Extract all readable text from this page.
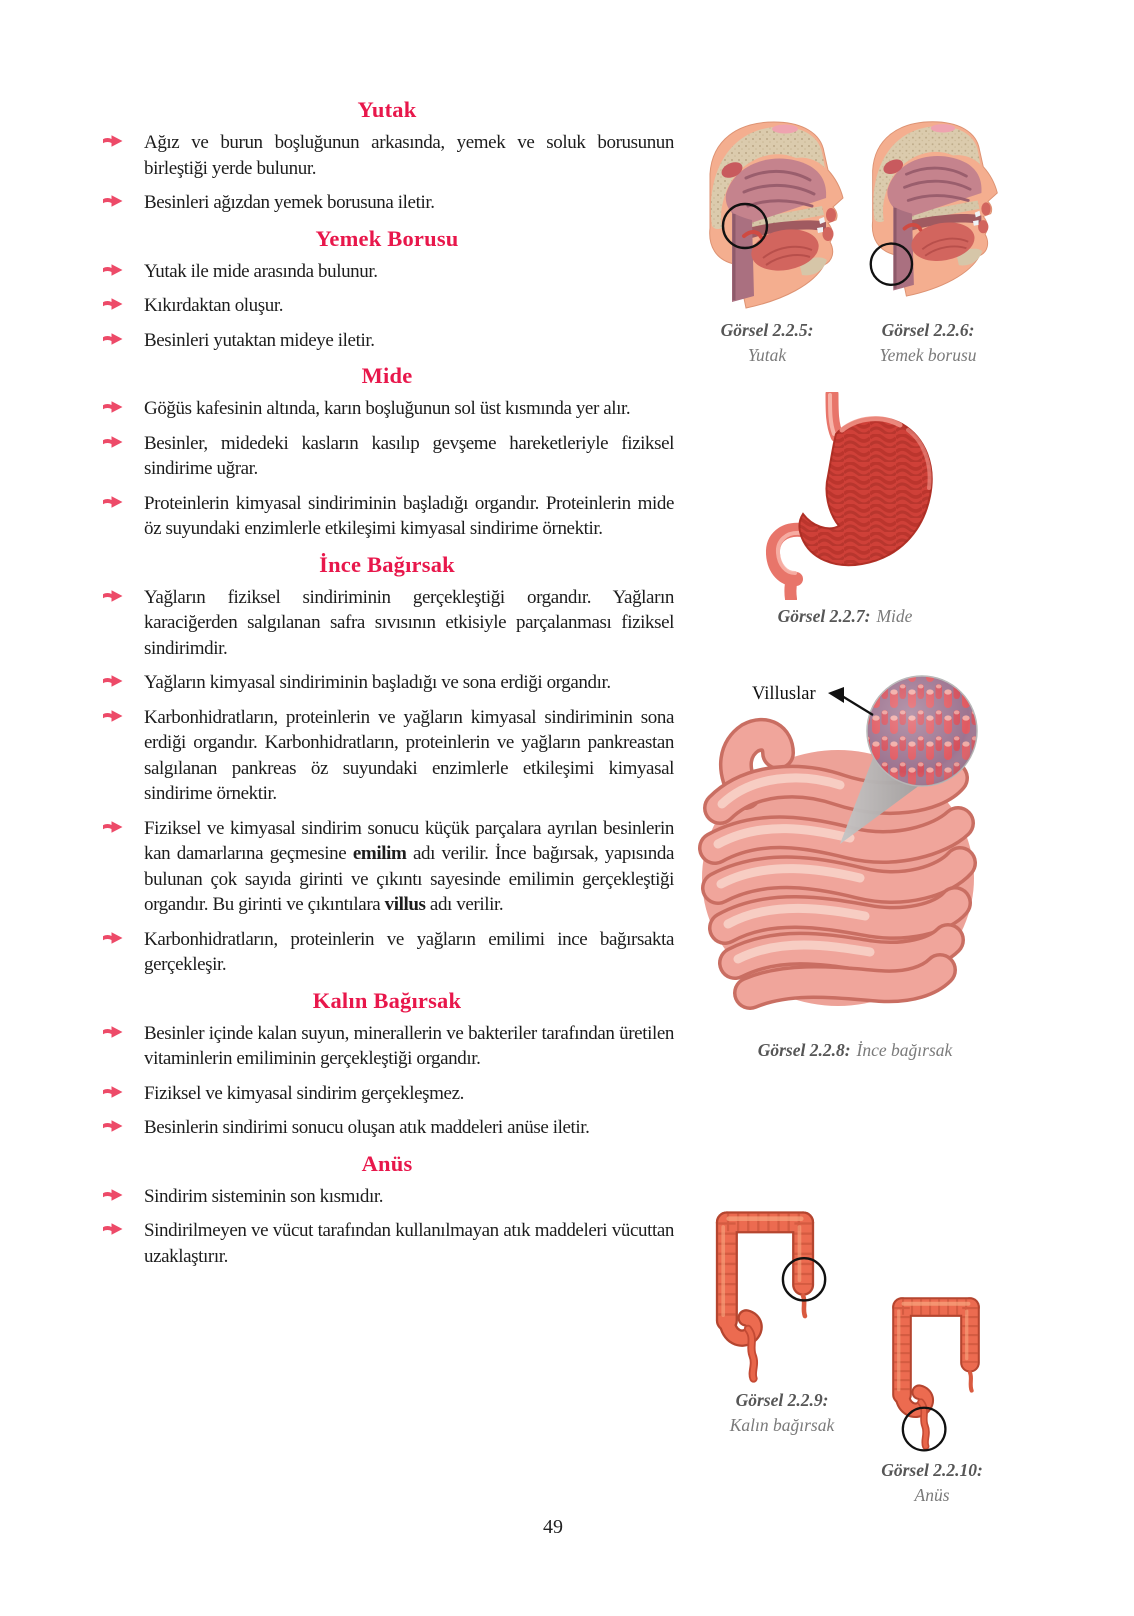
Yutak
Ağız ve burun boşluğunun arkasında, yemek ve soluk borusunun birleştiği yerde bulunur.
Besinleri ağızdan yemek borusuna iletir.
Yemek Borusu
Yutak ile mide arasında bulunur.
Kıkırdaktan oluşur.
Besinleri yutaktan mideye iletir.
Mide
Göğüs kafesinin altında, karın boşluğunun sol üst kısmında yer alır.
Besinler, midedeki kasların kasılıp gevşeme hareketleriyle fiziksel sindirime uğrar.
Proteinlerin kimyasal sindiriminin başladığı organdır. Proteinlerin mide öz suyundaki enzimlerle etkileşimi kimyasal sindirime örnektir.
İnce Bağırsak
Yağların fiziksel sindiriminin gerçekleştiği organdır. Yağların karaciğerden salgılanan safra sıvısının etkisiyle parçalanması fiziksel sindirimdir.
Yağların kimyasal sindiriminin başladığı ve sona erdiği organdır.
Karbonhidratların, proteinlerin ve yağların kimyasal sindiriminin sona erdiği organdır. Karbonhidratların, proteinlerin ve yağların pankreastan salgılanan pankreas öz suyundaki enzimlerle etkileşimi kimyasal sindirime örnektir.
Fiziksel ve kimyasal sindirim sonucu küçük parçalara ayrılan besinlerin kan damarlarına geçmesine emilim adı verilir. İnce bağırsak, yapısında bulunan çok sayıda girinti ve çıkıntı sayesinde emilimin gerçekleştiği organdır. Bu girinti ve çıkıntılara villus adı verilir.
Karbonhidratların, proteinlerin ve yağların emilimi ince bağırsakta gerçekleşir.
Kalın Bağırsak
Besinler içinde kalan suyun, minerallerin ve bakteriler tarafından üretilen vitaminlerin emiliminin gerçekleştiği organdır.
Fiziksel ve kimyasal sindirim gerçekleşmez.
Besinlerin sindirimi sonucu oluşan atık maddeleri anüse iletir.
Anüs
Sindirim sisteminin son kısmıdır.
Sindirilmeyen ve vücut tarafından kullanılmayan atık maddeleri vücuttan uzaklaştırır.
Görsel 2.2.5:
Yutak
Görsel 2.2.6:
Yemek borusu
Görsel 2.2.7: Mide
Villuslar
Görsel 2.2.8: İnce bağırsak
Görsel 2.2.9:
Kalın bağırsak
Görsel 2.2.10:
Anüs
49
